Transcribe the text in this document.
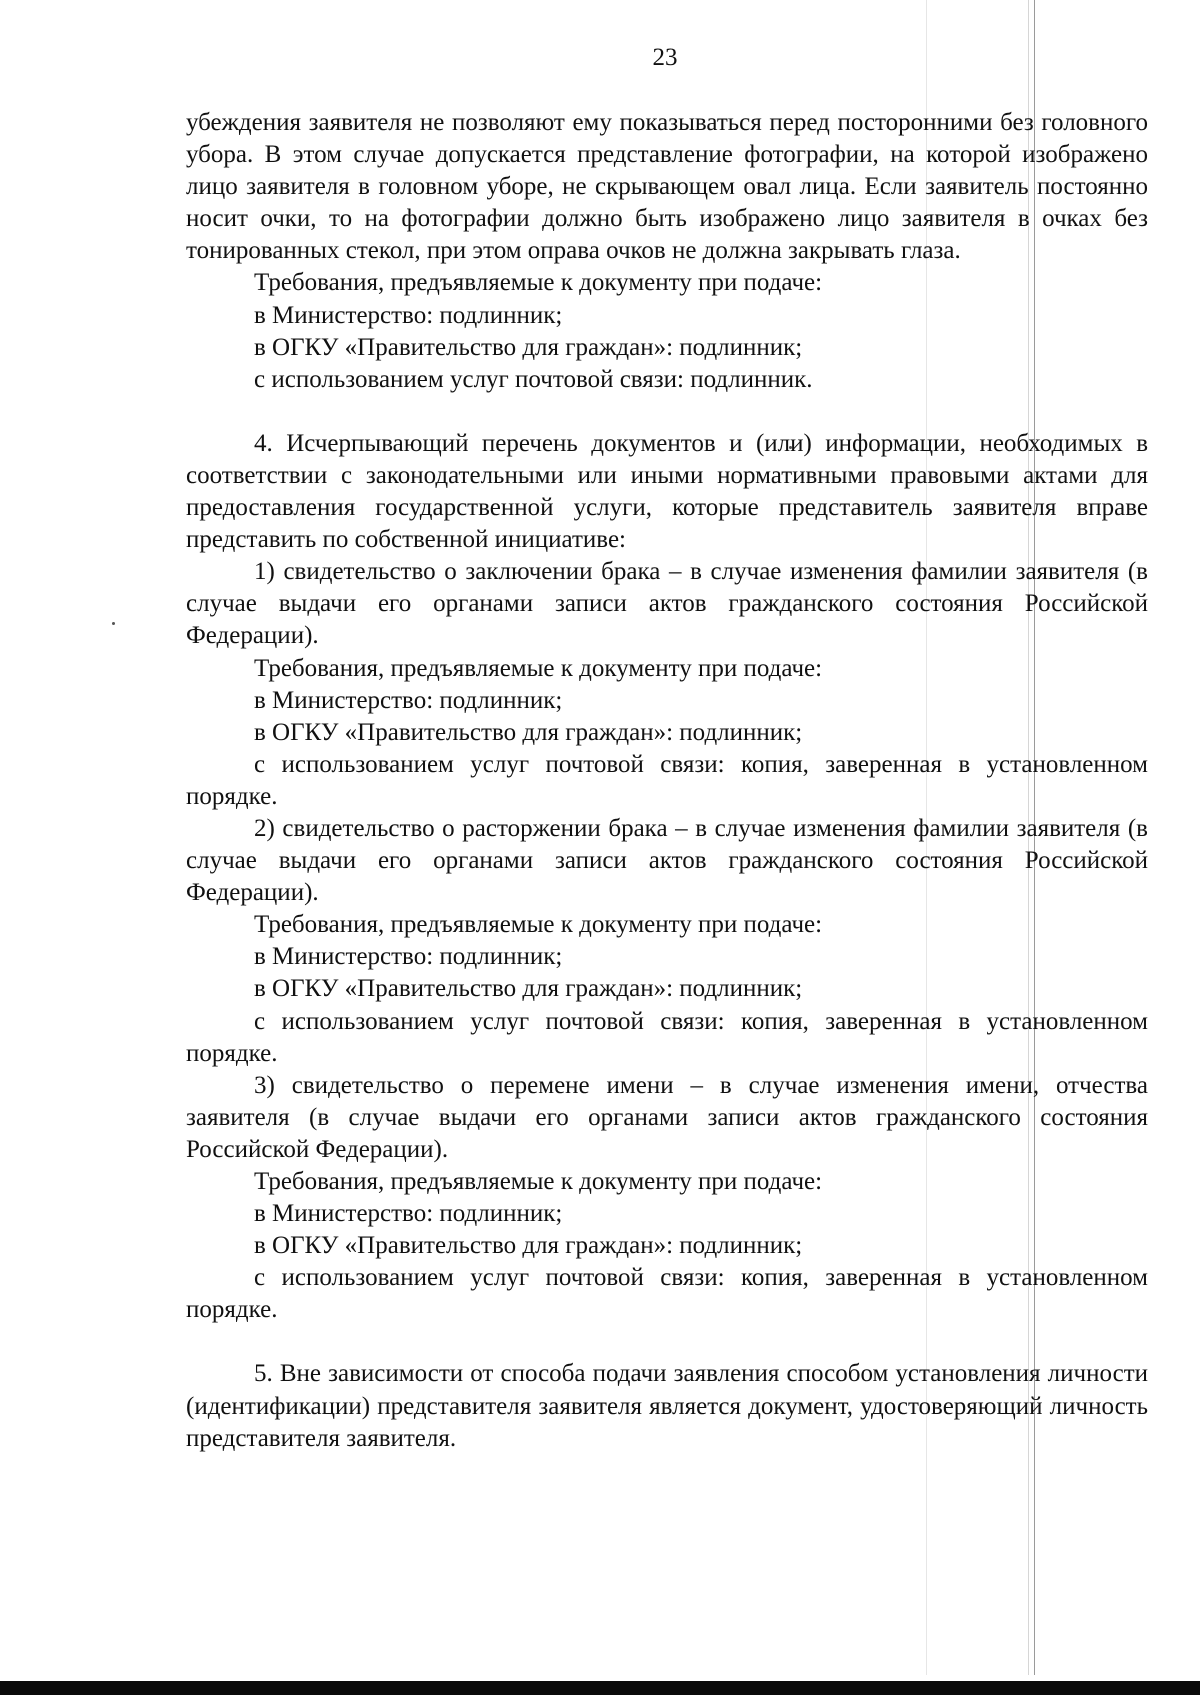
23

убеждения заявителя не позволяют ему показываться перед посторонними без головного убора. В этом случае допускается представление фотографии, на которой изображено лицо заявителя в головном уборе, не скрывающем овал лица. Если заявитель постоянно носит очки, то на фотографии должно быть изображено лицо заявителя в очках без тонированных стекол, при этом оправа очков не должна закрывать глаза.

Требования, предъявляемые к документу при подаче:

в Министерство: подлинник;

в ОГКУ «Правительство для граждан»: подлинник;

с использованием услуг почтовой связи: подлинник.

4. Исчерпывающий перечень документов и (или) информации, необходимых в соответствии с законодательными или иными нормативными правовыми актами для предоставления государственной услуги, которые представитель заявителя вправе представить по собственной инициативе:

1) свидетельство о заключении брака – в случае изменения фамилии заявителя (в случае выдачи его органами записи актов гражданского состояния Российской Федерации).

Требования, предъявляемые к документу при подаче:

в Министерство: подлинник;

в ОГКУ «Правительство для граждан»: подлинник;

с использованием услуг почтовой связи: копия, заверенная в установленном порядке.

2) свидетельство о расторжении брака – в случае изменения фамилии заявителя (в случае выдачи его органами записи актов гражданского состояния Российской Федерации).

Требования, предъявляемые к документу при подаче:

в Министерство: подлинник;

в ОГКУ «Правительство для граждан»: подлинник;

с использованием услуг почтовой связи: копия, заверенная в установленном порядке.

3) свидетельство о перемене имени – в случае изменения имени, отчества заявителя (в случае выдачи его органами записи актов гражданского состояния Российской Федерации).

Требования, предъявляемые к документу при подаче:

в Министерство: подлинник;

в ОГКУ «Правительство для граждан»: подлинник;

с использованием услуг почтовой связи: копия, заверенная в установленном порядке.

5. Вне зависимости от способа подачи заявления способом установления личности (идентификации) представителя заявителя является документ, удостоверяющий личность представителя заявителя.
